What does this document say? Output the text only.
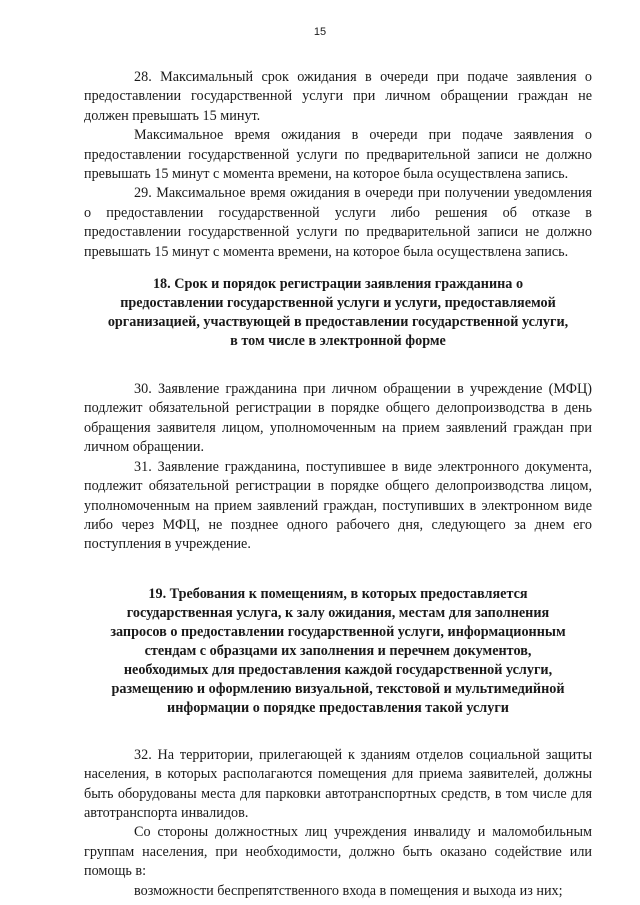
15

28. Максимальный срок ожидания в очереди при подаче заявления о предоставлении государственной услуги при личном обращении граждан не должен превышать 15 минут.

Максимальное время ожидания в очереди при подаче заявления о предоставлении государственной услуги по предварительной записи не должно превышать 15 минут с момента времени, на которое была осуществлена запись.

29. Максимальное время ожидания в очереди при получении уведомления о предоставлении государственной услуги либо решения об отказе в предоставлении государственной услуги по предварительной записи не должно превышать 15 минут с момента времени, на которое была осуществлена запись.

18. Срок и порядок регистрации заявления гражданина о
предоставлении государственной услуги и услуги, предоставляемой
организацией, участвующей в предоставлении государственной услуги,
в том числе в электронной форме

30. Заявление гражданина при личном обращении в учреждение (МФЦ) подлежит обязательной регистрации в порядке общего делопроизводства в день обращения заявителя лицом, уполномоченным на прием заявлений граждан при личном обращении.

31. Заявление гражданина, поступившее в виде электронного документа, подлежит обязательной регистрации в порядке общего делопроизводства лицом, уполномоченным на прием заявлений граждан, поступивших в электронном виде либо через МФЦ, не позднее одного рабочего дня, следующего за днем его поступления в учреждение.

19. Требования к помещениям, в которых предоставляется
государственная услуга, к залу ожидания, местам для заполнения
запросов о предоставлении государственной услуги, информационным
стендам с образцами их заполнения и перечнем документов,
необходимых для предоставления каждой государственной услуги,
размещению и оформлению визуальной, текстовой и мультимедийной
информации о порядке предоставления такой услуги

32. На территории, прилегающей к зданиям отделов социальной защиты населения, в которых располагаются помещения для приема заявителей, должны быть оборудованы места для парковки автотранспортных средств, в том числе для автотранспорта инвалидов.

Со стороны должностных лиц учреждения инвалиду и маломобильным группам населения, при необходимости, должно быть оказано содействие или помощь в:

возможности беспрепятственного входа в помещения и выхода из них;
